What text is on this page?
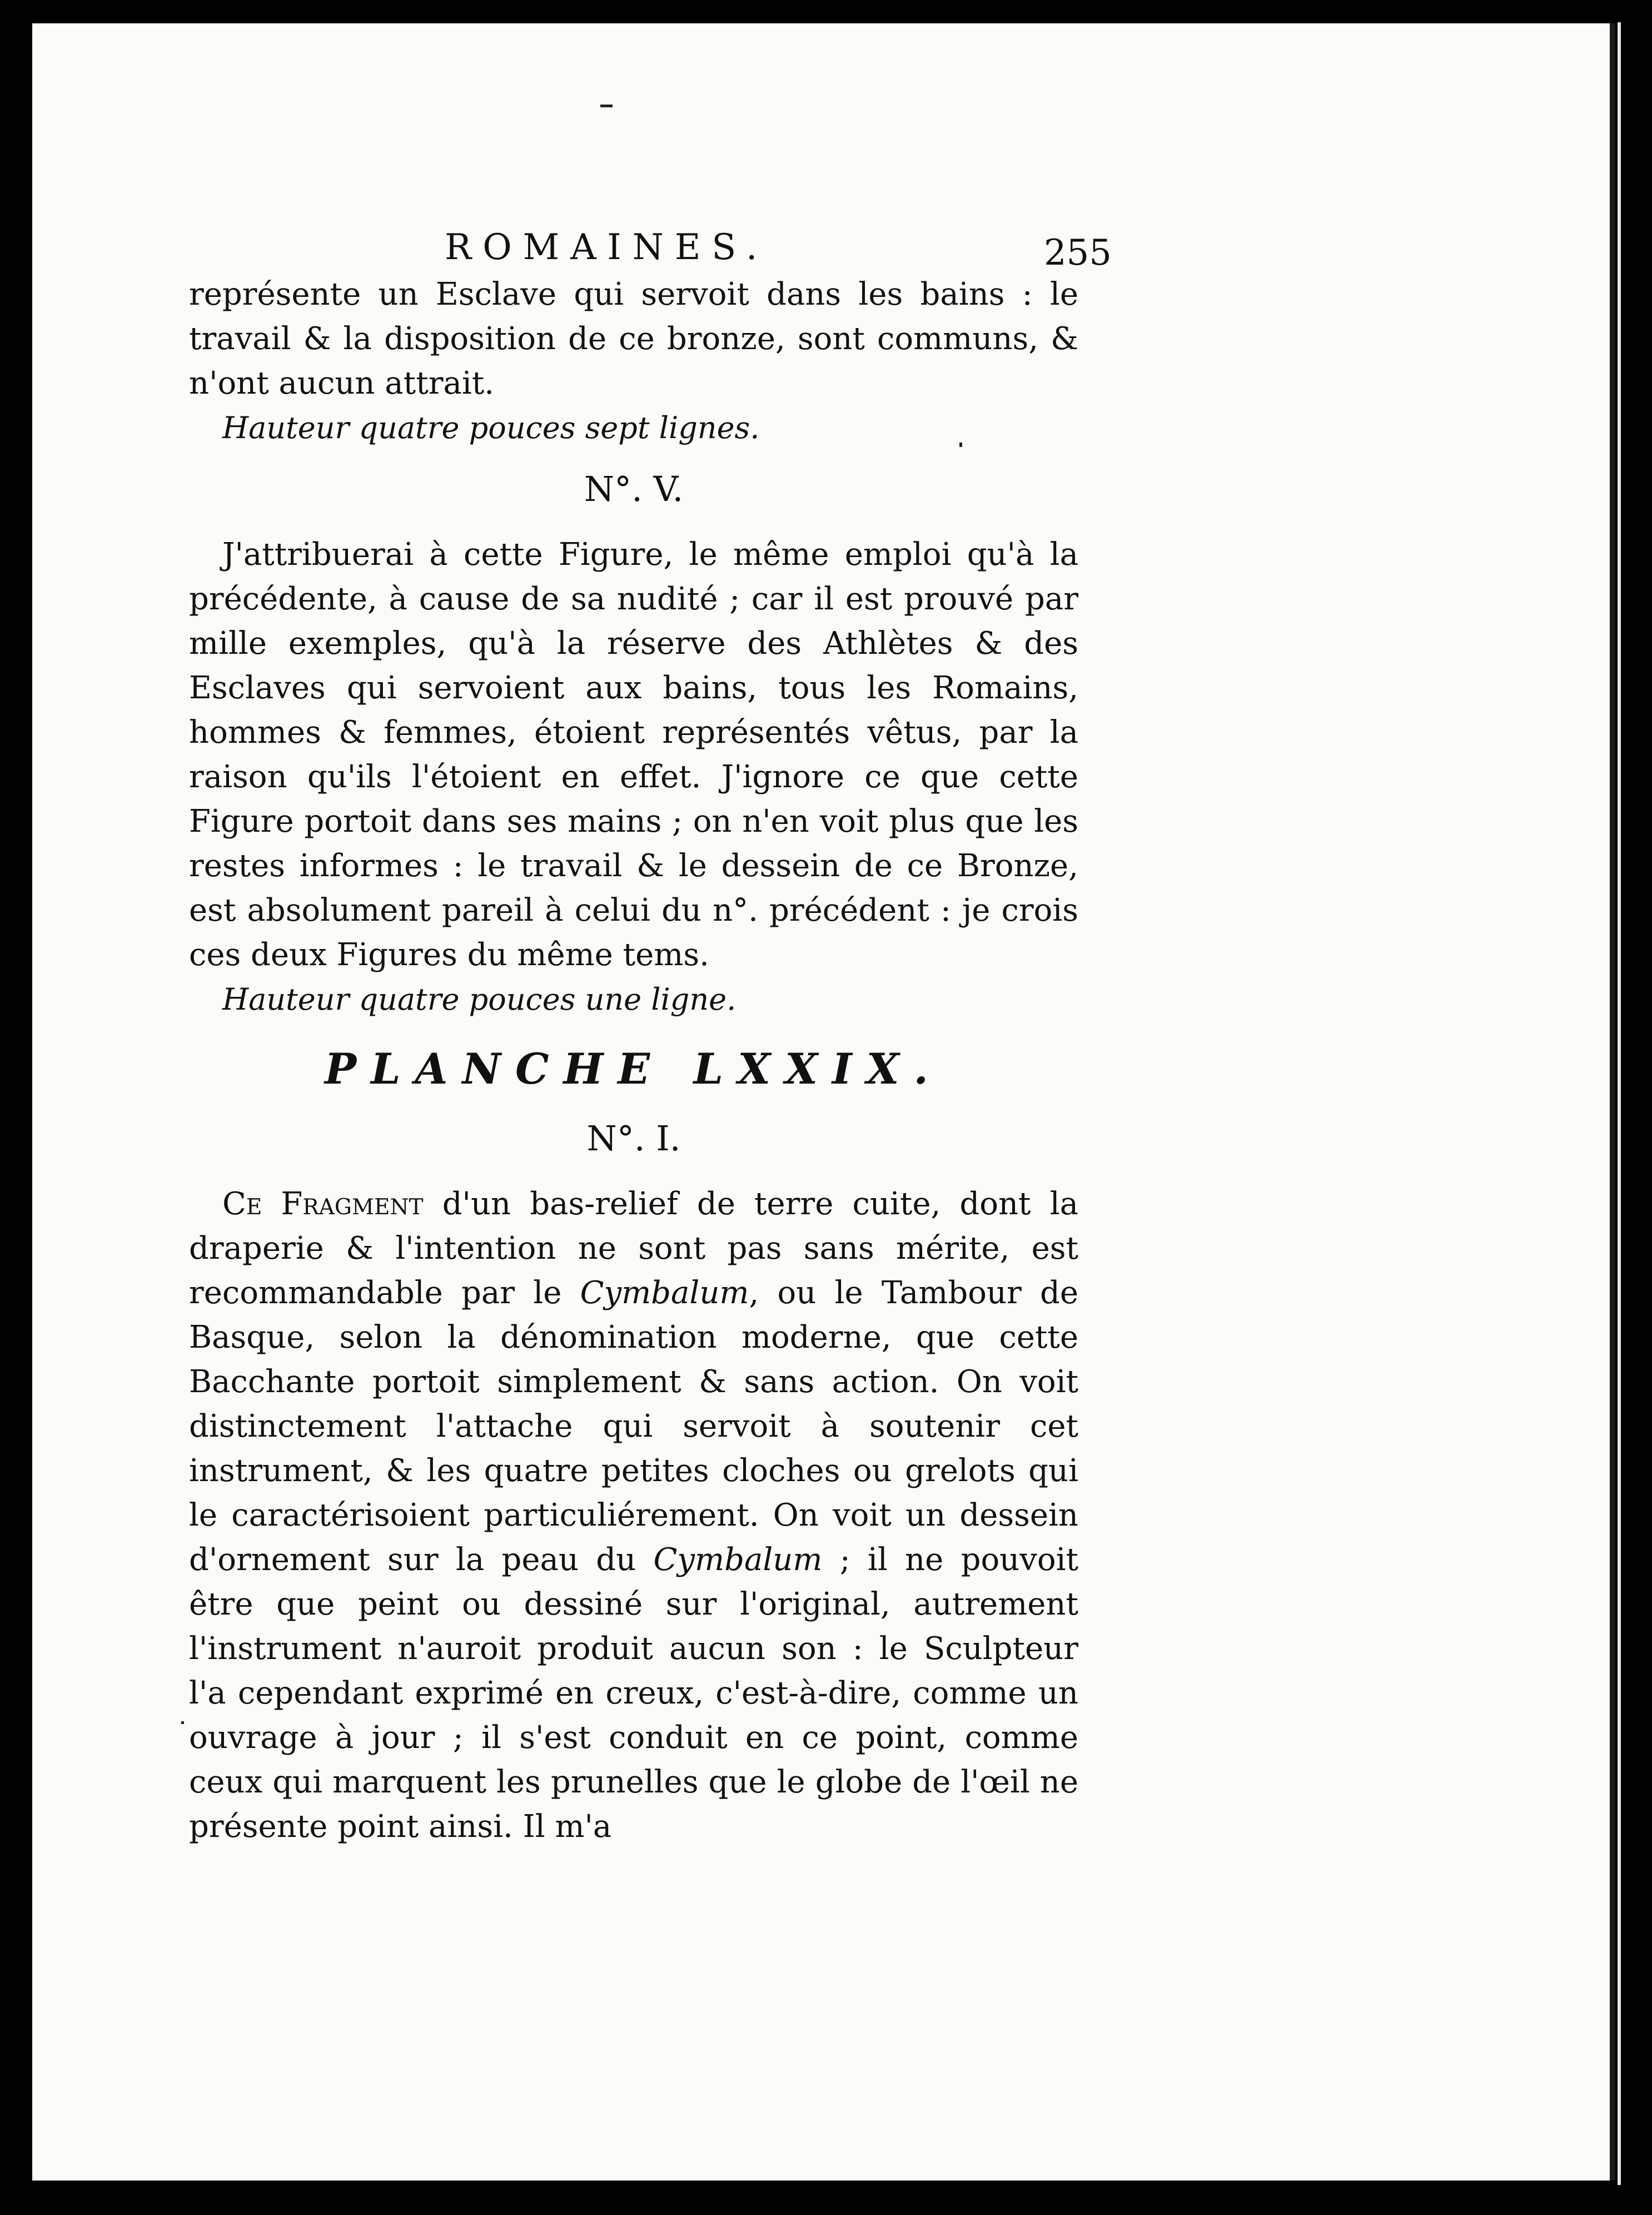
ROMAINES.	255

représente un Esclave qui servoit dans les bains : le travail & la disposition de ce bronze, sont communs, & n'ont aucun attrait.

Hauteur quatre pouces sept lignes.

N°. V.

J'attribuerai à cette Figure, le même emploi qu'à la précédente, à cause de sa nudité ; car il est prouvé par mille exemples, qu'à la réserve des Athlètes & des Esclaves qui servoient aux bains, tous les Romains, hommes & femmes, étoient représentés vêtus, par la raison qu'ils l'étoient en effet. J'ignore ce que cette Figure portoit dans ses mains ; on n'en voit plus que les restes informes : le travail & le dessein de ce Bronze, est absolument pareil à celui du n°. précédent : je crois ces deux Figures du même tems.

Hauteur quatre pouces une ligne.

PLANCHE LXXIX.
N°. I.

Ce Fragment d'un bas-relief de terre cuite, dont la draperie & l'intention ne sont pas sans mérite, est recommandable par le Cymbalum, ou le Tambour de Basque, selon la dénomination moderne, que cette Bacchante portoit simplement & sans action. On voit distinctement l'attache qui servoit à soutenir cet instrument, & les quatre petites cloches ou grelots qui le caractérisoient particuliérement. On voit un dessein d'ornement sur la peau du Cymbalum ; il ne pouvoit être que peint ou dessiné sur l'original, autrement l'instrument n'auroit produit aucun son : le Sculpteur l'a cependant exprimé en creux, c'est-à-dire, comme un ouvrage à jour ; il s'est conduit en ce point, comme ceux qui marquent les prunelles que le globe de l'œil ne présente point ainsi. Il m'a
